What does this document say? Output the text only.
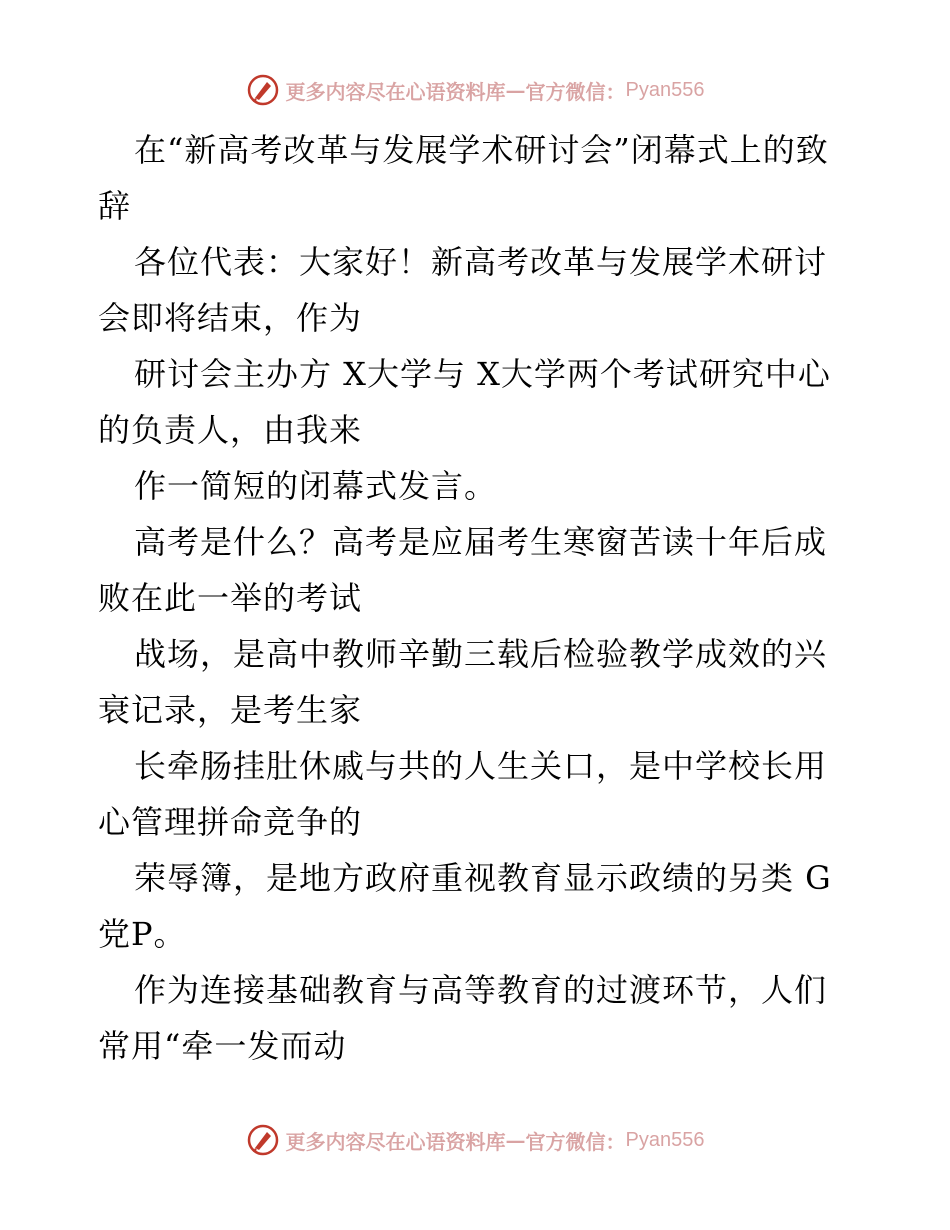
更多内容尽在心语资料库 — 官方微信： Pyan556

在“新高考改革与发展学术研讨会”闭幕式上的致辞

各位代表：大家好！新高考改革与发展学术研讨会即将结束，作为

研讨会主办方 X大学与 X大学两个考试研究中心的负责人，由我来

作一简短的闭幕式发言。

高考是什么？高考是应届考生寒窗苦读十年后成败在此一举的考试

战场，是高中教师辛勤三载后检验教学成效的兴衰记录，是考生家

长牵肠挂肚休戚与共的人生关口，是中学校长用心管理拼命竞争的

荣辱簿，是地方政府重视教育显示政绩的另类 G党P。

作为连接基础教育与高等教育的过渡环节，人们常用“牵一发而动

更多内容尽在心语资料库 — 官方微信： Pyan556
